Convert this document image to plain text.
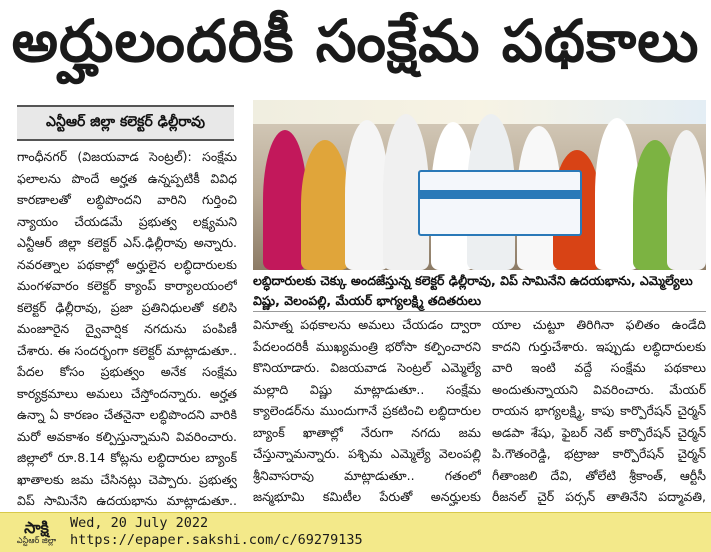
అర్హులందరికీ సంక్షేమ పథకాలు
ఎన్టీఆర్ జిల్లా కలెక్టర్ ఢిల్లీరావు

గాంధీనగర్ (విజయవాడ సెంట్రల్): సంక్షేమ ఫలాలను పొందే అర్హత ఉన్నప్పటికీ వివిధ కారణాలతో లబ్ధిపొందని వారిని గుర్తించి న్యాయం చేయడమే ప్రభుత్వ లక్ష్యమని ఎన్టీఆర్ జిల్లా కలెక్టర్ ఎస్.ఢిల్లీరావు అన్నారు. నవరత్నాల పథకాల్లో అర్హులైన లబ్ధిదారులకు మంగళవారం కలెక్టర్ క్యాంప్ కార్యాలయంలో కలెక్టర్ ఢిల్లీరావు, ప్రజా ప్రతినిధులతో కలిసి మంజూరైన ద్వైవార్షిక నగదును పంపిణీ చేశారు. ఈ సందర్భంగా కలెక్టర్ మాట్లాడుతూ.. పేదల కోసం ప్రభుత్వం అనేక సంక్షేమ కార్యక్రమాలు అమలు చేస్తోందన్నారు. అర్హత ఉన్నా ఏ కారణం చేతనైనా లబ్ధిపొందని వారికి మరో అవకాశం కల్పిస్తున్నామని వివరించారు. జిల్లాలో రూ.8.14 కోట్లను లబ్ధిదారుల బ్యాంక్ ఖాతాలకు జమ చేసినట్లు చెప్పారు. ప్రభుత్వ విప్ సామినేని ఉదయభాను మాట్లాడుతూ..

లబ్ధిదారులకు చెక్కు అందజేస్తున్న కలెక్టర్ ఢిల్లీరావు, విప్ సామినేని ఉదయభాను, ఎమ్మెల్యేలు విష్ణు, వెలంపల్లి, మేయర్ భాగ్యలక్ష్మి తదితరులు

వినూత్న పథకాలను అమలు చేయడం ద్వారా పేదలందరికీ ముఖ్యమంత్రి భరోసా కల్పించారని కొనియాడారు. విజయవాడ సెంట్రల్ ఎమ్మెల్యే మల్లాది విష్ణు మాట్లాడుతూ.. సంక్షేమ క్యాలెండర్‌ను ముందుగానే ప్రకటించి లబ్ధిదారుల బ్యాంక్ ఖాతాల్లో నేరుగా నగదు జమ చేస్తున్నామన్నారు. పశ్చిమ ఎమ్మెల్యే వెలంపల్లి శ్రీనివాసరావు మాట్లాడుతూ.. గతంలో జన్మభూమి కమిటీల పేరుతో అనర్హులకు

యాల చుట్టూ తిరిగినా ఫలితం ఉండేది కాదని గుర్తుచేశారు. ఇప్పుడు లబ్ధిదారులకు వారి ఇంటి వద్దే సంక్షేమ పథకాలు అందుతున్నాయని వివరించారు. మేయర్ రాయన భాగ్యలక్ష్మి, కాపు కార్పొరేషన్ చైర్మన్ అడపా శేషు, ఫైబర్ నెట్ కార్పొరేషన్ చైర్మన్ పి.గౌతంరెడ్డి, భట్రాజు కార్పొరేషన్ చైర్మన్ గీతాంజలి దేవి, తోలేటి శ్రీకాంత్, ఆర్టీసీ రీజనల్ చైర్ పర్సన్ తాతినేని పద్మావతి,

సాక్షి
ఎన్టీఆర్ జిల్లా
Wed, 20 July 2022
https://epaper.sakshi.com/c/69279135
